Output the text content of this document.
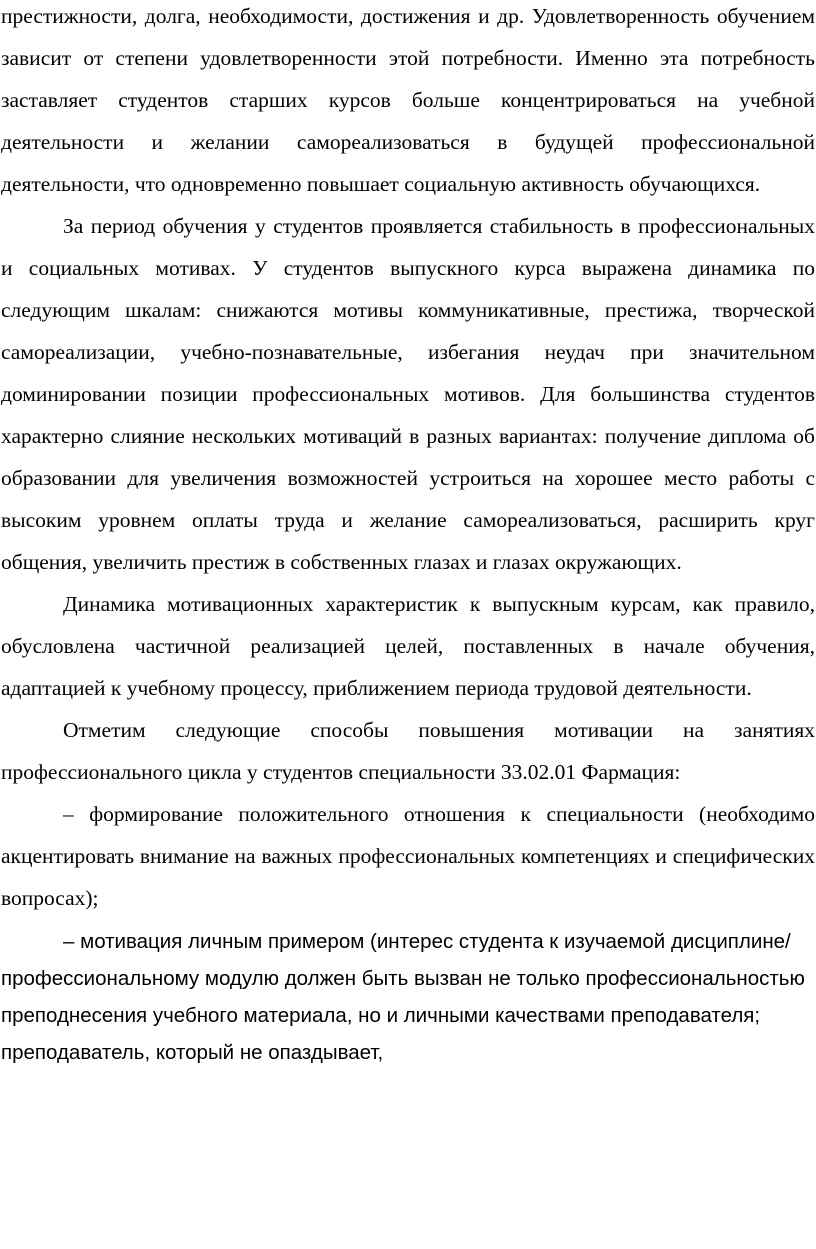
престижности, долга, необходимости, достижения и др. Удовлетворенность обучением зависит от степени удовлетворенности этой потребности. Именно эта потребность заставляет студентов старших курсов больше концентрироваться на учебной деятельности и желании самореализоваться в будущей профессиональной деятельности, что одновременно повышает социальную активность обучающихся.

За период обучения у студентов проявляется стабильность в профессиональных и социальных мотивах. У студентов выпускного курса выражена динамика по следующим шкалам: снижаются мотивы коммуникативные, престижа, творческой самореализации, учебно-познавательные, избегания неудач при значительном доминировании позиции профессиональных мотивов. Для большинства студентов характерно слияние нескольких мотиваций в разных вариантах: получение диплома об образовании для увеличения возможностей устроиться на хорошее место работы с высоким уровнем оплаты труда и желание самореализоваться, расширить круг общения, увеличить престиж в собственных глазах и глазах окружающих.

Динамика мотивационных характеристик к выпускным курсам, как правило, обусловлена частичной реализацией целей, поставленных в начале обучения, адаптацией к учебному процессу, приближением периода трудовой деятельности.

Отметим следующие способы повышения мотивации на занятиях профессионального цикла у студентов специальности 33.02.01 Фармация:

– формирование положительного отношения к специальности (необходимо акцентировать внимание на важных профессиональных компетенциях и специфических вопросах);

– мотивация личным примером (интерес студента к изучаемой дисциплине/профессиональному модулю должен быть вызван не только профессиональностью преподнесения учебного материала, но и личными качествами преподавателя; преподаватель, который не опаздывает,
